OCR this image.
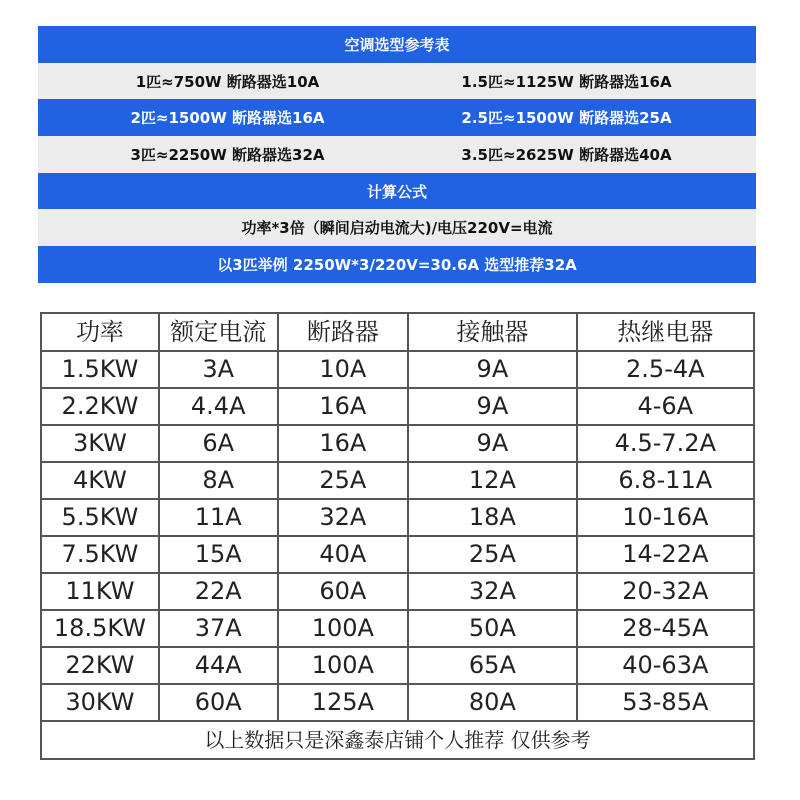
空调选型参考表
1匹≈750W 断路器选10A	1.5匹≈1125W 断路器选16A
2匹≈1500W 断路器选16A	2.5匹≈1500W 断路器选25A
3匹≈2250W 断路器选32A	3.5匹≈2625W 断路器选40A
计算公式
功率*3倍（瞬间启动电流大)/电压220V=电流
以3匹举例 2250W*3/220V=30.6A 选型推荐32A
功率	额定电流	断路器	接触器	热继电器
1.5KW	3A	10A	9A	2.5-4A
2.2KW	4.4A	16A	9A	4-6A
3KW	6A	16A	9A	4.5-7.2A
4KW	8A	25A	12A	6.8-11A
5.5KW	11A	32A	18A	10-16A
7.5KW	15A	40A	25A	14-22A
11KW	22A	60A	32A	20-32A
18.5KW	37A	100A	50A	28-45A
22KW	44A	100A	65A	40-63A
30KW	60A	125A	80A	53-85A
以上数据只是深鑫泰店铺个人推荐 仅供参考				
